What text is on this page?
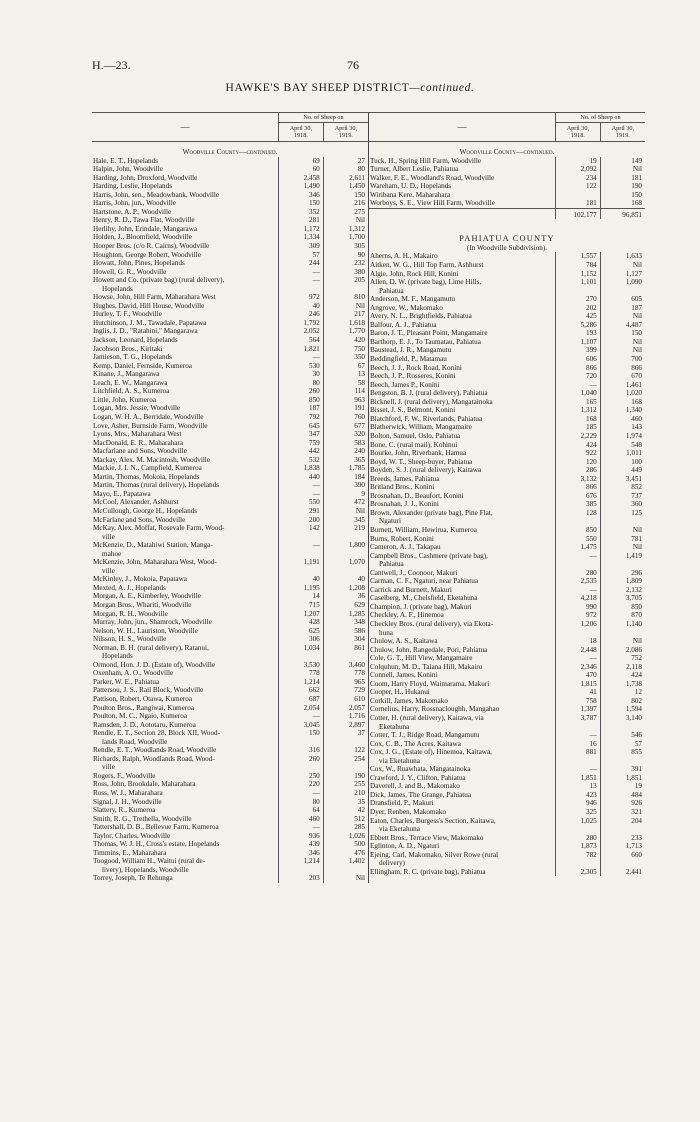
H.—23.	76
HAWKE'S BAY SHEEP DISTRICT—continued.
—	No. of Sheep on	
	April 30,
1918.	April 30,
1919.
Woodville County—continued.		
Hale, E. T., Hopelands	69	27
Halpin, John, Woodville	60	80
Harding, John, Droxford, Woodville	2,458	2,611
Harding, Leslie, Hopelands	1,490	1,450
Harris, John, sen., Meadowbank, Woodville	346	150
Harris, John, jun., Woodville	150	216
Hartstone, A. P., Woodville	352	275
Henry, R. D., Tawa Flat, Woodville	281	Nil
Herlihy, John, Erindale, Mangarawa	1,172	1,312
Holden, J., Bloomfield, Woodville	1,334	1,700
Hooper Bros. (c/o R. Cairns), Woodville	309	305
Houghton, George Robert, Woodville	57	90
Howatt, John, Pines, Hopelands	244	232
Howell, G. R., Woodville	—	380
Howett and Co. (private bag) (rural delivery),	—	205
Hopelands		
Howse, John, Hill Farm, Maharahara West	972	810
Hughes, David, Hill House, Woodville	40	Nil
Hurley, T. F., Woodville	246	217
Hutchinson, J. M., Tawadale, Papatawa	1,792	1,618
Inglis, J. D., "Ratahini," Mangarawa	2,052	1,770
Jackson, Leonard, Hopelands	564	420
Jacobson Bros., Kiritaki	1,821	750
Jamieson, T. G., Hopelands	—	350
Kemp, Daniel, Fernside, Kumeroa	530	67
Kinane, J., Mangarawa	30	13
Leach, E. W., Mangarawa	80	58
Litchfield, A. S., Kumeroa	260	114
Little, John, Kumeroa	850	963
Logan, Mrs. Jessie, Woodville	187	191
Logan, W. H. A., Berridale, Woodville	792	760
Love, Asher, Burnside Farm, Woodville	645	677
Lyons, Mrs., Maharahara West	347	320
MacDonald, E. R., Maharahara	759	583
Macfarlane and Sons, Woodville	442	240
Mackay, Alex. M. Macintosh, Woodville	532	365
Mackie, J. I. N., Campfield, Kumeroa	1,838	1,785
Martin, Thomas, Mokoia, Hopelands	440	184
Martin, Thomas (rural delivery), Hopelands	—	390
Mayo, E., Papatawa	—	9
McCool, Alexander, Ashhurst	550	472
McCullough, George H., Hopelands	291	Nil
McFarlane and Sons, Woodville	200	345
McKay, Alex. Moffat, Rosevale Farm, Wood-	142	219
ville		
McKenzie, D., Matahiwi Station, Manga-	—	1,800
mahoe		
McKenzie, John, Maharahara West, Wood-	1,191	1,070
ville		
McKinley, J., Mokoia, Papatawa	40	40
Mexted, A. J., Hopelands	1,195	1,208
Morgan, A. E., Kimberley, Woodville	14	36
Morgan Bros., Whariti, Woodville	715	629
Morgan, R. H., Woodville	1,207	1,285
Murray, John, jun., Shamrock, Woodville	428	348
Nelson, W. H., Lauriston, Woodville	625	586
Nilsson, H. S., Woodville	306	304
Norman, B. H. (rural delivery), Ratanui,	1,034	861
Hopelands		
Ormond, Hon. J. D. (Estate of), Woodville	3,530	3,460
Oxenham, A. O., Woodville	778	778
Parker, W. E., Pahiatua	1,214	965
Pattersou, J. S., Rail Block, Woodville	662	729
Pattison, Robert, Otawa, Kumeroa	687	610
Poulton Bros., Rangiwai, Kumeroa	2,054	2,057
Poulton, M. C., Ngaio, Kumeroa	—	1,716
Ramsden, J. D., Aototaru, Kumeroa	3,045	2,897
Rendle, E. T., Section 28, Block XII, Wood-	150	37
lands Road, Woodville		
Rendle, E. T., Woodlands Road, Woodville	316	122
Richards, Ralph, Woodlands Road, Wood-	260	254
ville		
Rogers, F., Woodville	250	190
Ross, John, Brookdale, Maharahara	220	255
Ross, W. J., Maharahara	—	210
Signal, J. H., Woodville	80	35
Slattery, R., Kumeroa	64	42
Smith, R. G., Trethella, Woodville	460	512
Tattershall, D. B., Bellevue Farm, Kumeroa	—	285
Taylor, Charles, Woodville	936	1,026
Thomas, W. J. H., Cross's estate, Hopelands	439	500
Timmins, E., Maharahara	346	476
Toogood, William H., Waitui (rural de-	1,214	1,402
livery), Hopelands, Woodville		
Torrey, Joseph, Te Rehunga	203	Nil
—	No. of Sheep on	
	April 30,
1918.	April 30,
1919.
Woodville County—continued.		
Tuck, H., Spring Hill Farm, Woodville	19	149
Turner, Albert Leslie, Pahiatua	2,092	Nil
Walker, F. E., Woodland's Road, Woodville	234	181
Wareham, U. D., Hopelands	122	190
Wiribana Kere, Maharahara		150
Worboys, S. E., View Hill Farm, Woodville	181	168
	102,177	96,851
PAHIATUA COUNTY		
(In Woodville Subdivision).		
Aherns, A. H., Makairo	1,557	1,633
Aitken, W. G., Hill Top Farm, Ashhurst	784	Nil
Algie, John, Rock Hill, Konini	1,152	1,127
Allen, D. W. (private bag), Lime Hills,	1,101	1,090
Pahiatua		
Anderson, M. F., Mangamutu	270	605
Angrove, W., Makomako	202	187
Avery, N. L., Brightfields, Pahiatua	425	Nil
Balfour, A. J., Pahiatua	5,286	4,487
Baron, J. T., Pleasant Point, Mangamaire	193	150
Barthorp, E. J., To Taumatau, Pahiatua	1,107	Nil
Baustead, J. R., Mangamutu	399	Nil
Beddingfield, P., Matamau	606	700
Beech, J. J., Rock Road, Konini	866	866
Beech, J. P., Rosseres, Konini	720	670
Beech, James P., Konini	—	1,461
Bengston, B. J. (rural delivery), Pahiatua	1,040	1,020
Bicknell, J. (rural delivery), Mangatainoka	165	168
Bisset, J. S., Belmont, Konini	1,312	1,340
Blatchford, F. W., Riverlands, Pahiatua	168	460
Blatherwick, William, Mangamaire	185	143
Bolton, Samuel, Oslo, Pahiatua	2,229	1,974
Bone, C. (rural mail), Kohinui	424	548
Bourke, John, Riverbank, Hamua	922	1,011
Boyd, W. T., Sheep-buyer, Pahiatua	120	100
Boyden, S. J. (rural delivery), Kaitawa	286	449
Breeds, James, Pahiatua	3,132	3,451
Britland Bros., Konini	866	852
Brosnahan, D., Beaufort, Konini	676	737
Brosnahan, J. J., Konini	385	360
Brown, Alexander (private bag), Pine Flat,	128	125
Ngaturi		
Burnett, William, Hewirua, Kumeroa	850	Nil
Burns, Robert, Konini	550	781
Cameron, A. J., Takapau	1,475	Nil
Campbell Bros., Cashmere (private bag),	—	1,419
Pahiatua		
Cantwell, J., Coonoor, Makuri	280	296
Carman, C. F., Ngaturi, near Pahiatua	2,535	1,809
Carrick and Burnett, Makuri	—	2,132
Caselberg, M., Chelsfield, Eketahuna	4,218	3,705
Champion, J. (private bag), Makuri	990	850
Checkley, A. F., Hinemoa	972	870
Checkley Bros. (rural delivery), via Ekota-	1,206	1,140
huna		
Chulow, A. S., Kaitawa	18	Nil
Chulow, John, Rangedale, Pori, Pahiatua	2,448	2,086
Cole, G. T., Hill View, Mangamaire	—	752
Colquhun, M. D., Talana Hill, Makairo	2,346	2,118
Connell, James, Konini	470	424
Coom, Harry Floyd, Waimarama, Makuri	1,815	1,738
Cooper, H., Hukanui	41	12
Corkill, James, Makomako	758	802
Cornelius, Harry, Rossnacloughh, Mangahao	1,397	1,594
Cotter, H. (rural delivery), Kaitawa, via	3,787	3,140
Eketahuna		
Cotter, T. J.; Ridge Road, Mangamutu	—	546
Cox, C. B., The Acres, Kaitawa	16	57
Cox, J. G., (Estate of), Hinemoa, Kaitawa,	881	855
via Eketahuna		
Cox, W., Ruawhata, Mangatainoka	—	391
Crawford, J. Y., Clifton, Pahiatua	1,851	1,851
Daverell, J. and B., Makomako	13	19
Dick, James, The Grange, Pahiatua	423	484
Dransfield, P., Makuri	946	926
Dyer, Renben, Makomako	325	321
Eaton, Charles, Burgess's Section, Kaitawa,	1,025	204
via Eketahuna		
Ebbett Bros., Terrace View, Makomako	280	233
Eglinton, A. D., Ngaturi	1,873	1,713
Ejeing, Carl, Makomako, Silver Rowe (rural	782	660
delivery)		
Ellingham, R. C. (private bag), Pahiatua	2,305	2,441
